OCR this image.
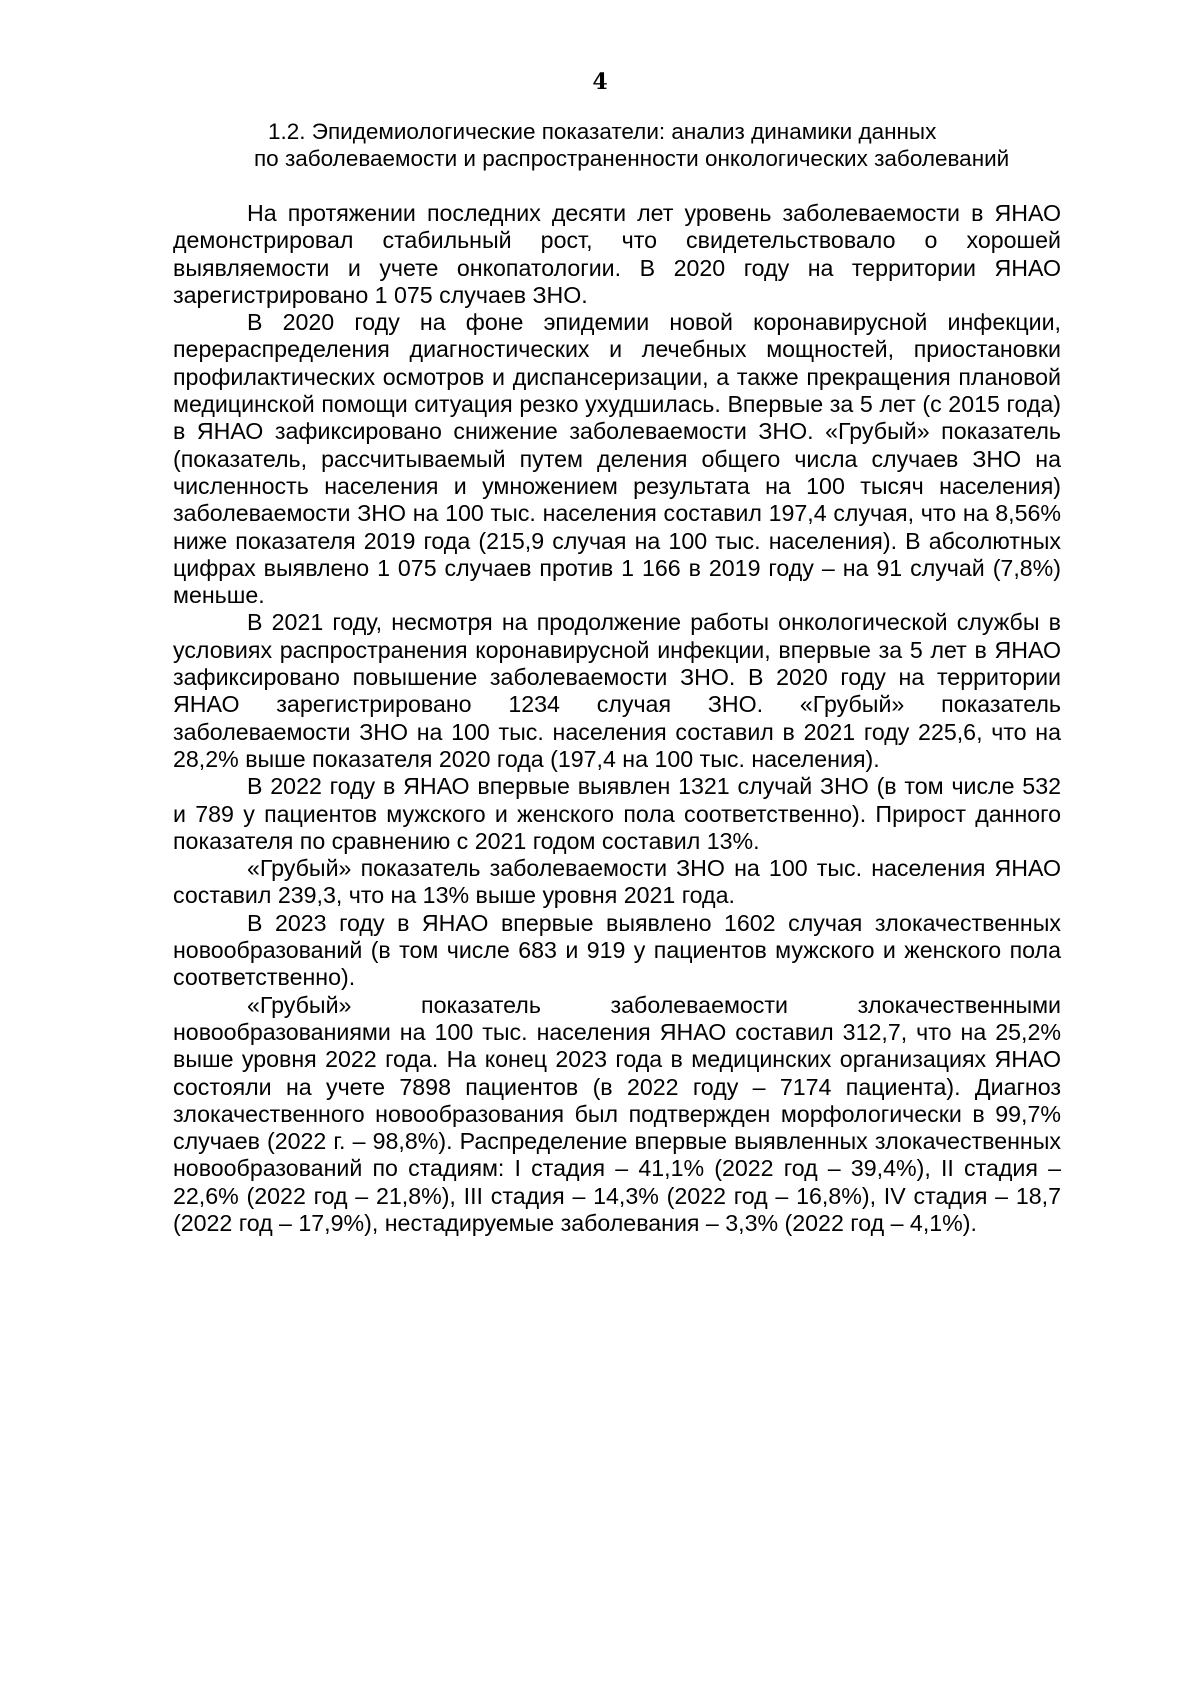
4
1.2. Эпидемиологические показатели: анализ динамики данных
по заболеваемости и распространенности онкологических заболеваний

На протяжении последних десяти лет уровень заболеваемости в ЯНАО демонстрировал стабильный рост, что свидетельствовало о хорошей выявляемости и учете онкопатологии. В 2020 году на территории ЯНАО зарегистрировано 1 075 случаев ЗНО.

В 2020 году на фоне эпидемии новой коронавирусной инфекции, перераспределения диагностических и лечебных мощностей, приостановки профилактических осмотров и диспансеризации, а также прекращения плановой медицинской помощи ситуация резко ухудшилась. Впервые за 5 лет (с 2015 года) в ЯНАО зафиксировано снижение заболеваемости ЗНО. «Грубый» показатель (показатель, рассчитываемый путем деления общего числа случаев ЗНО на численность населения и умножением результата на 100 тысяч населения) заболеваемости ЗНО на 100 тыс. населения составил 197,4 случая, что на 8,56% ниже показателя 2019 года (215,9 случая на 100 тыс. населения). В абсолютных цифрах выявлено 1 075 случаев против 1 166 в 2019 году – на 91 случай (7,8%) меньше.

В 2021 году, несмотря на продолжение работы онкологической службы в условиях распространения коронавирусной инфекции, впервые за 5 лет в ЯНАО зафиксировано повышение заболеваемости ЗНО. В 2020 году на территории ЯНАО зарегистрировано 1234 случая ЗНО. «Грубый» показатель заболеваемости ЗНО на 100 тыс. населения составил в 2021 году 225,6, что на 28,2% выше показателя 2020 года (197,4 на 100 тыс. населения).

В 2022 году в ЯНАО впервые выявлен 1321 случай ЗНО (в том числе 532 и 789 у пациентов мужского и женского пола соответственно). Прирост данного показателя по сравнению с 2021 годом составил 13%.

«Грубый» показатель заболеваемости ЗНО на 100 тыс. населения ЯНАО составил 239,3, что на 13% выше уровня 2021 года.

В 2023 году в ЯНАО впервые выявлено 1602 случая злокачественных новообразований (в том числе 683 и 919 у пациентов мужского и женского пола соответственно).

«Грубый» показатель заболеваемости злокачественными новообразованиями на 100 тыс. населения ЯНАО составил 312,7, что на 25,2% выше уровня 2022 года. На конец 2023 года в медицинских организациях ЯНАО состояли на учете 7898 пациентов (в 2022 году – 7174 пациента). Диагноз злокачественного новообразования был подтвержден морфологически в 99,7% случаев (2022 г. – 98,8%). Распределение впервые выявленных злокачественных новообразований по стадиям: I стадия – 41,1% (2022 год – 39,4%), II стадия – 22,6% (2022 год – 21,8%), III стадия – 14,3% (2022 год – 16,8%), IV стадия – 18,7 (2022 год – 17,9%), нестадируемые заболевания – 3,3% (2022 год – 4,1%).
